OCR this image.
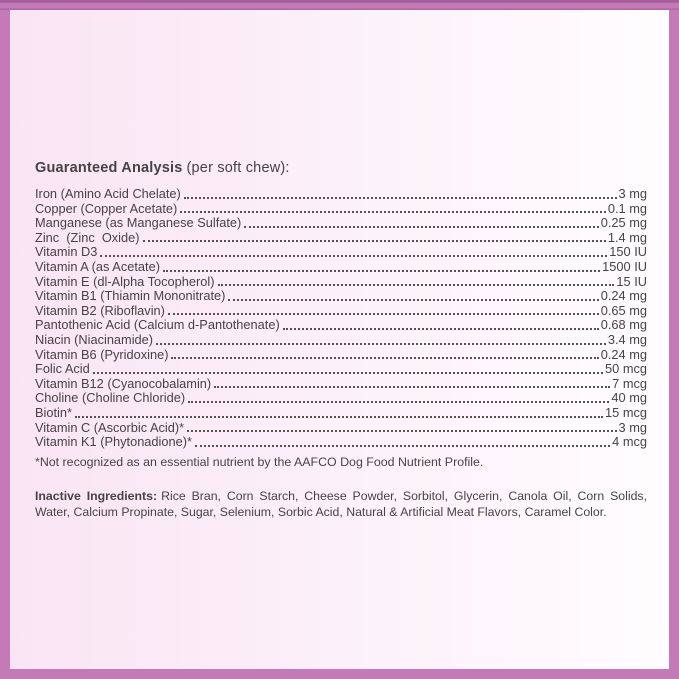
Guaranteed Analysis (per soft chew):
Iron (Amino Acid Chelate)	3 mg
Copper (Copper Acetate)	0.1 mg
Manganese (as Manganese Sulfate)	0.25 mg
Zinc  (Zinc  Oxide)	1.4 mg
Vitamin D3	150 IU
Vitamin A (as Acetate)	1500 IU
Vitamin E (dl-Alpha Tocopherol)	15 IU
Vitamin B1 (Thiamin Mononitrate)	0.24 mg
Vitamin B2 (Riboflavin)	0.65 mg
Pantothenic Acid (Calcium d-Pantothenate)	0.68 mg
Niacin (Niacinamide)	3.4 mg
Vitamin B6 (Pyridoxine)	0.24 mg
Folic Acid	50 mcg
Vitamin B12 (Cyanocobalamin)	7 mcg
Choline (Choline Chloride)	40 mg
Biotin*	15 mcg
Vitamin C (Ascorbic Acid)*	3 mg
Vitamin K1 (Phytonadione)*	4 mcg
*Not recognized as an essential nutrient by the AAFCO Dog Food Nutrient Profile.

Inactive Ingredients: Rice Bran, Corn Starch, Cheese Powder, Sorbitol, Glycerin, Canola Oil, Corn Solids, Water, Calcium Propinate, Sugar, Selenium, Sorbic Acid, Natural & Artificial Meat Flavors, Caramel Color.
